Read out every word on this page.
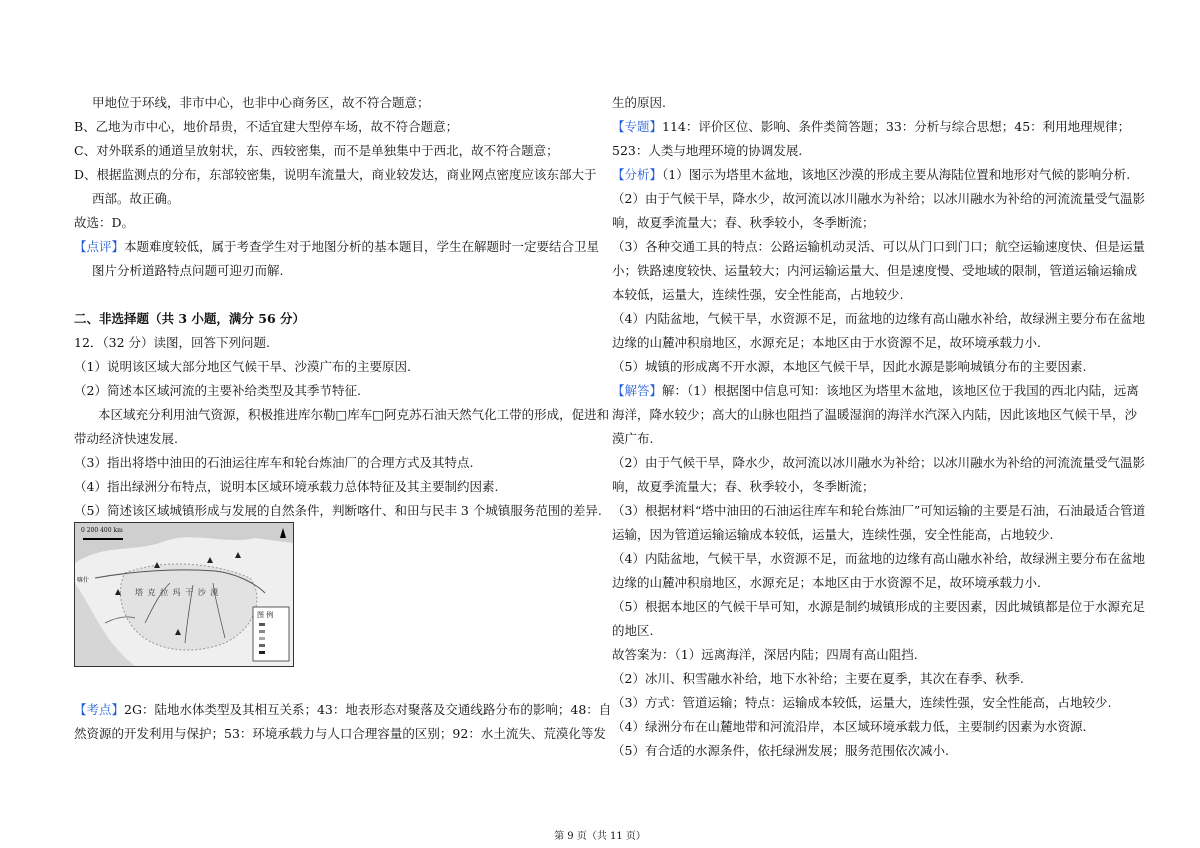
甲地位于环线，非市中心，也非中心商务区，故不符合题意；
B、乙地为市中心，地价昂贵，不适宜建大型停车场，故不符合题意；
C、对外联系的通道呈放射状，东、西较密集，而不是单独集中于西北，故不符合题意；
D、根据监测点的分布，东部较密集，说明车流量大，商业较发达，商业网点密度应该东部大于
西部。故正确。
故选：D。
【点评】本题难度较低，属于考查学生对于地图分析的基本题目，学生在解题时一定要结合卫星
图片分析道路特点问题可迎刃而解.
二、非选择题（共 3 小题，满分 56 分）
12．（32 分）读图，回答下列问题.
（1）说明该区域大部分地区气候干旱、沙漠广布的主要原因.
（2）简述本区域河流的主要补给类型及其季节特征.
本区域充分利用油气资源，积极推进库尔勒□库车□阿克苏石油天然气化工带的形成，促进和
带动经济快速发展.
（3）指出将塔中油田的石油运往库车和轮台炼油厂的合理方式及其特点.
（4）指出绿洲分布特点，说明本区域环境承载力总体特征及其主要制约因素.
（5）简述该区域城镇形成与发展的自然条件，判断喀什、和田与民丰 3 个城镇服务范围的差异.
塔 克 拉 玛 干 沙 漠
图 例
喀什
0 200 400 km
【考点】2G：陆地水体类型及其相互关系；43：地表形态对聚落及交通线路分布的影响；48：自
然资源的开发利用与保护；53：环境承载力与人口合理容量的区别；92：水土流失、荒漠化等发
生的原因.
【专题】114：评价区位、影响、条件类简答题；33：分析与综合思想；45：利用地理规律；
523：人类与地理环境的协调发展.
【分析】（1）图示为塔里木盆地，该地区沙漠的形成主要从海陆位置和地形对气候的影响分析.
（2）由于气候干旱，降水少，故河流以冰川融水为补给；以冰川融水为补给的河流流量受气温影
响，故夏季流量大；春、秋季较小，冬季断流；
（3）各种交通工具的特点：公路运输机动灵活、可以从门口到门口；航空运输速度快、但是运量
小；铁路速度较快、运量较大；内河运输运量大、但是速度慢、受地域的限制，管道运输运输成
本较低，运量大，连续性强，安全性能高，占地较少.
（4）内陆盆地，气候干旱，水资源不足，而盆地的边缘有高山融水补给，故绿洲主要分布在盆地
边缘的山麓冲积扇地区，水源充足；本地区由于水资源不足，故环境承载力小.
（5）城镇的形成离不开水源，本地区气候干旱，因此水源是影响城镇分布的主要因素.
【解答】解：（1）根据图中信息可知：该地区为塔里木盆地，该地区位于我国的西北内陆，远离
海洋，降水较少；高大的山脉也阻挡了温暖湿润的海洋水汽深入内陆，因此该地区气候干旱，沙
漠广布.
（2）由于气候干旱，降水少，故河流以冰川融水为补给；以冰川融水为补给的河流流量受气温影
响，故夏季流量大；春、秋季较小，冬季断流；
（3）根据材料“塔中油田的石油运往库车和轮台炼油厂”可知运输的主要是石油，石油最适合管道
运输，因为管道运输运输成本较低，运量大，连续性强，安全性能高，占地较少.
（4）内陆盆地，气候干旱，水资源不足，而盆地的边缘有高山融水补给，故绿洲主要分布在盆地
边缘的山麓冲积扇地区，水源充足；本地区由于水资源不足，故环境承载力小.
（5）根据本地区的气候干旱可知，水源是制约城镇形成的主要因素，因此城镇都是位于水源充足
的地区.
故答案为：（1）远离海洋，深居内陆；四周有高山阻挡.
（2）冰川、积雪融水补给，地下水补给；主要在夏季，其次在春季、秋季.
（3）方式：管道运输；特点：运输成本较低，运量大，连续性强，安全性能高，占地较少.
（4）绿洲分布在山麓地带和河流沿岸，本区域环境承载力低，主要制约因素为水资源.
（5）有合适的水源条件，依托绿洲发展；服务范围依次减小.
第 9 页（共 11 页）
